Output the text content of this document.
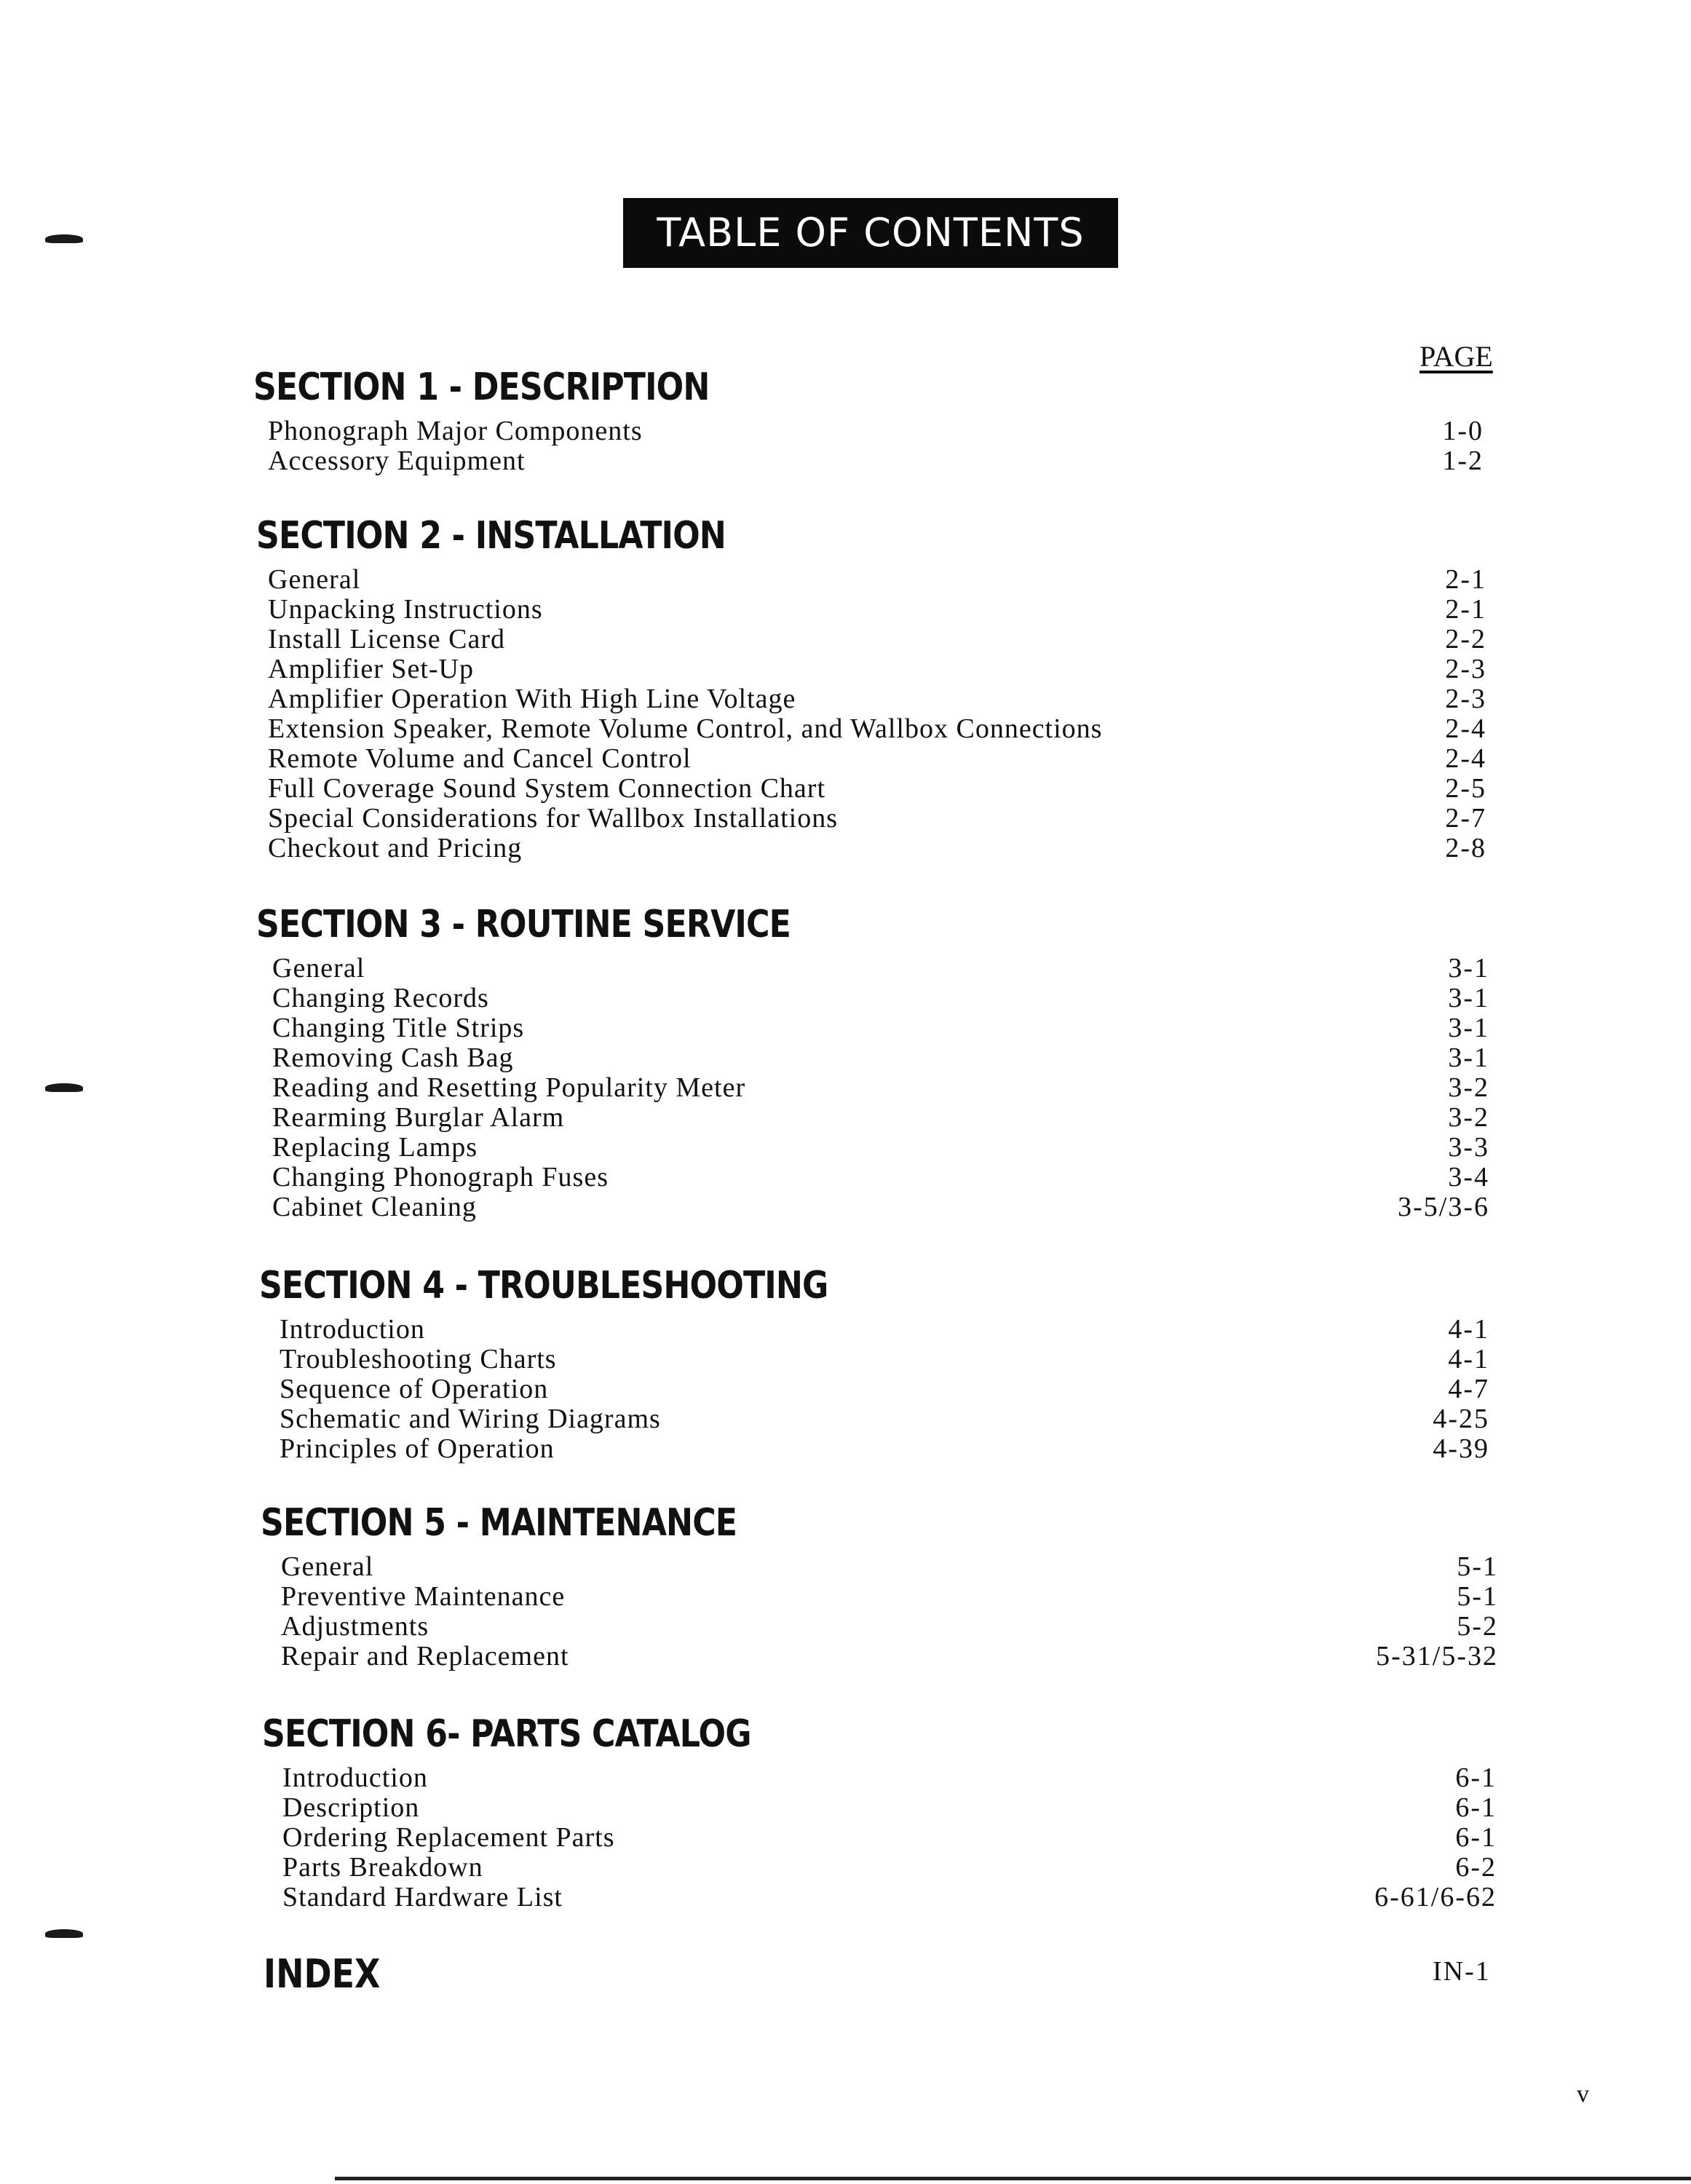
TABLE OF CONTENTS
PAGE
SECTION 1 - DESCRIPTION
Phonograph Major Components	1-0
Accessory Equipment	1-2
SECTION 2 - INSTALLATION
General	2-1
Unpacking Instructions	2-1
Install License Card	2-2
Amplifier Set-Up	2-3
Amplifier Operation With High Line Voltage	2-3
Extension Speaker, Remote Volume Control, and Wallbox Connections	2-4
Remote Volume and Cancel Control	2-4
Full Coverage Sound System Connection Chart	2-5
Special Considerations for Wallbox Installations	2-7
Checkout and Pricing	2-8
SECTION 3 - ROUTINE SERVICE
General	3-1
Changing Records	3-1
Changing Title Strips	3-1
Removing Cash Bag	3-1
Reading and Resetting Popularity Meter	3-2
Rearming Burglar Alarm	3-2
Replacing Lamps	3-3
Changing Phonograph Fuses	3-4
Cabinet Cleaning	3-5/3-6
SECTION 4 - TROUBLESHOOTING
Introduction	4-1
Troubleshooting Charts	4-1
Sequence of Operation	4-7
Schematic and Wiring Diagrams	4-25
Principles of Operation	4-39
SECTION 5 - MAINTENANCE
General	5-1
Preventive Maintenance	5-1
Adjustments	5-2
Repair and Replacement	5-31/5-32
SECTION 6- PARTS CATALOG
Introduction	6-1
Description	6-1
Ordering Replacement Parts	6-1
Parts Breakdown	6-2
Standard Hardware List	6-61/6-62
INDEX	IN-1
v
